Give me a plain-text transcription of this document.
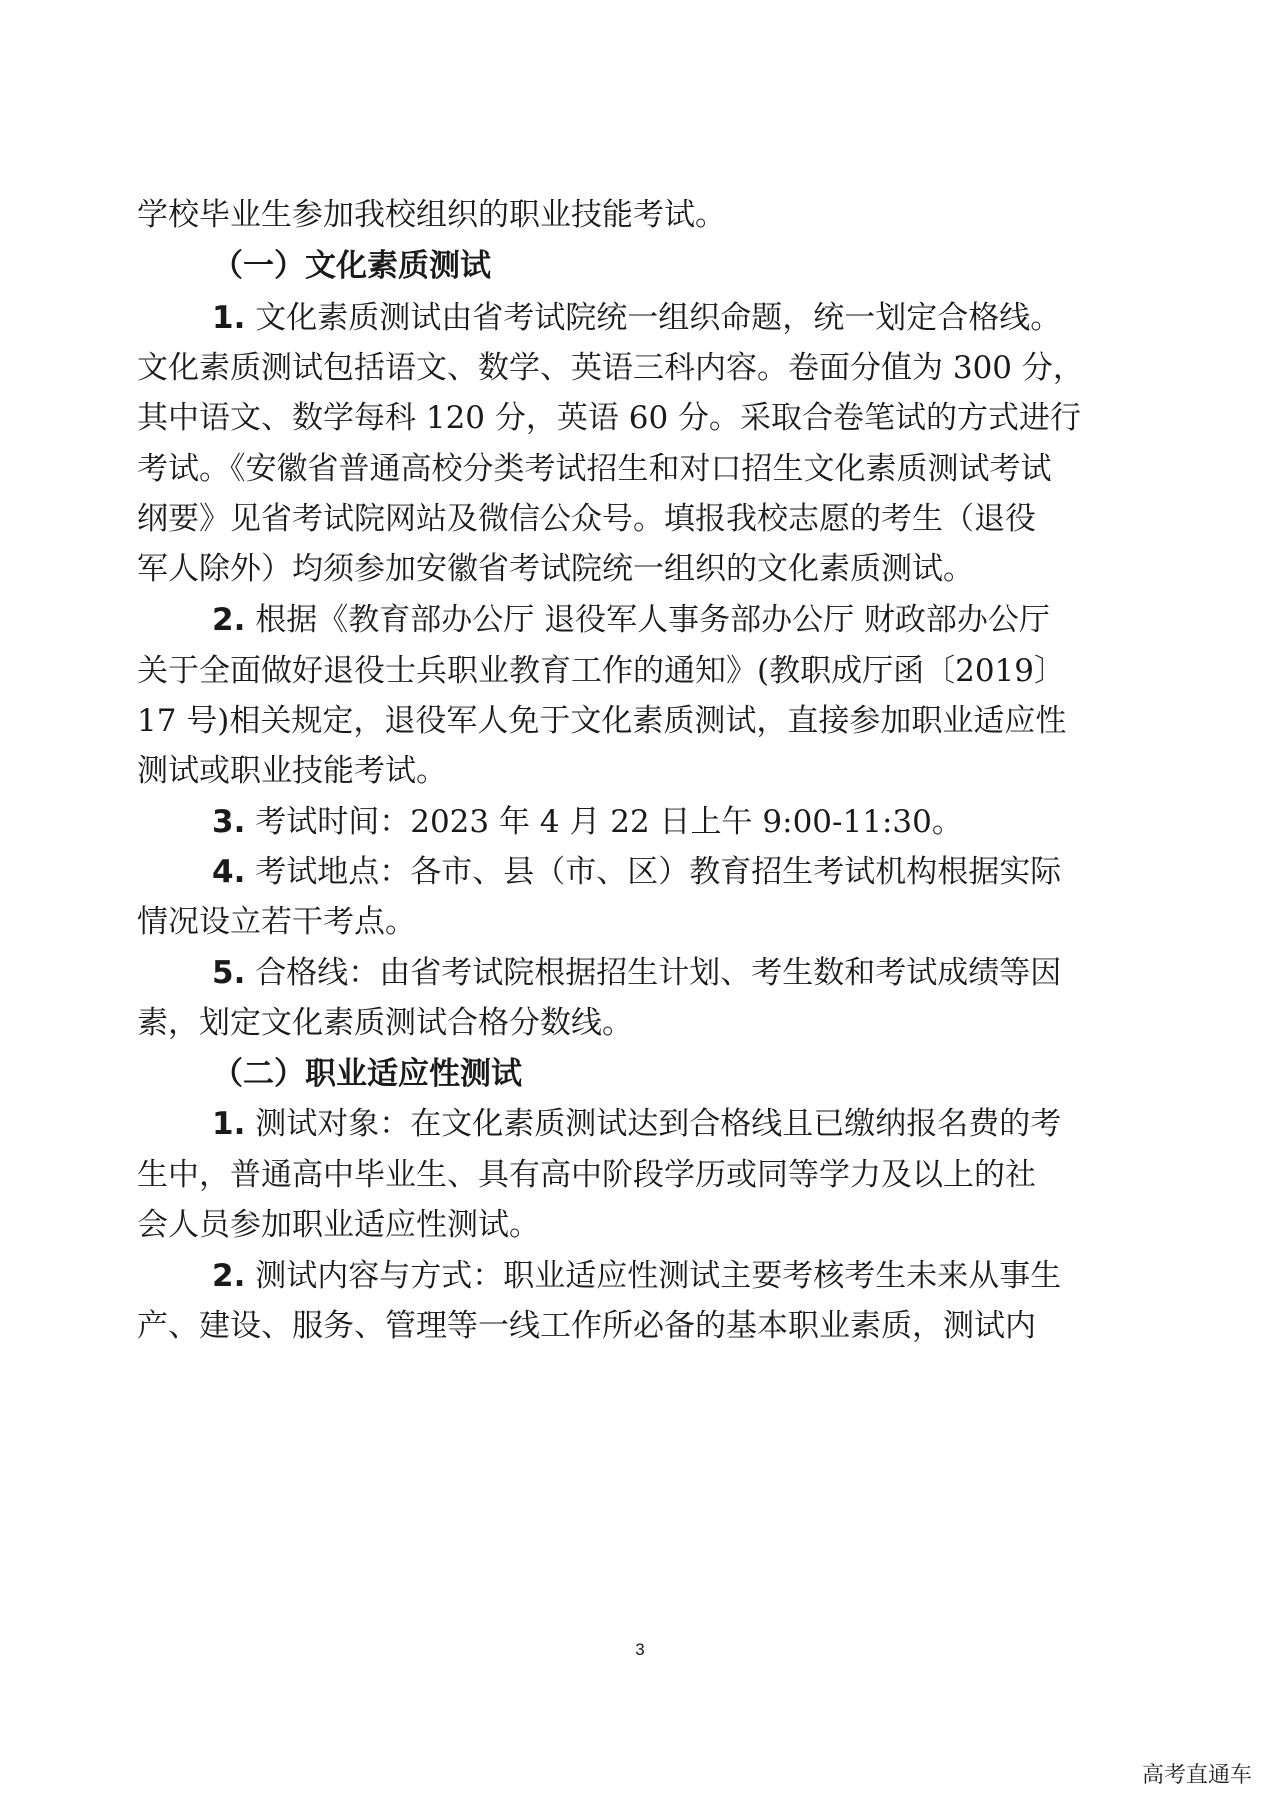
学校毕业生参加我校组织的职业技能考试。
（一）文化素质测试
1. 文化素质测试由省考试院统一组织命题，统一划定合格线。
文化素质测试包括语文、数学、英语三科内容。卷面分值为 300 分，
其中语文、数学每科 120 分，英语 60 分。采取合卷笔试的方式进行
考试。《安徽省普通高校分类考试招生和对口招生文化素质测试考试
纲要》见省考试院网站及微信公众号。填报我校志愿的考生（退役
军人除外）均须参加安徽省考试院统一组织的文化素质测试。
2. 根据《教育部办公厅 退役军人事务部办公厅 财政部办公厅
关于全面做好退役士兵职业教育工作的通知》(教职成厅函〔2019〕
17 号)相关规定，退役军人免于文化素质测试，直接参加职业适应性
测试或职业技能考试。
3. 考试时间：2023 年 4 月 22 日上午 9:00-11:30。
4. 考试地点：各市、县（市、区）教育招生考试机构根据实际
情况设立若干考点。
5. 合格线：由省考试院根据招生计划、考生数和考试成绩等因
素，划定文化素质测试合格分数线。
（二）职业适应性测试
1. 测试对象：在文化素质测试达到合格线且已缴纳报名费的考
生中，普通高中毕业生、具有高中阶段学历或同等学力及以上的社
会人员参加职业适应性测试。
2. 测试内容与方式：职业适应性测试主要考核考生未来从事生
产、建设、服务、管理等一线工作所必备的基本职业素质，测试内
3
高考直通车
